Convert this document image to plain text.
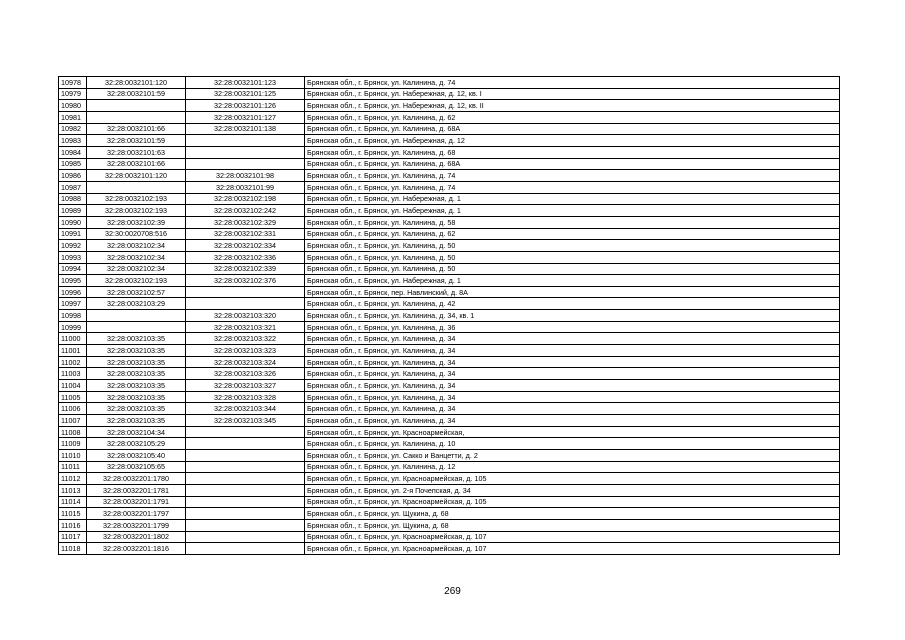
10978	32:28:0032101:120	32:28:0032101:123	Брянская обл., г. Брянск, ул. Калинина, д. 74
10979	32:28:0032101:59	32:28:0032101:125	Брянская обл., г. Брянск, ул. Набережная, д. 12, кв. I
10980		32:28:0032101:126	Брянская обл., г. Брянск, ул. Набережная, д. 12, кв. II
10981		32:28:0032101:127	Брянская обл., г. Брянск, ул. Калинина, д. 62
10982	32:28:0032101:66	32:28:0032101:138	Брянская обл., г. Брянск, ул. Калинина, д. 68А
10983	32:28:0032101:59		Брянская обл., г. Брянск, ул. Набережная, д. 12
10984	32:28:0032101:63		Брянская обл., г. Брянск, ул. Калинина, д. 68
10985	32:28:0032101:66		Брянская обл., г. Брянск, ул. Калинина, д. 68А
10986	32:28:0032101:120	32:28:0032101:98	Брянская обл., г. Брянск, ул. Калинина, д. 74
10987		32:28:0032101:99	Брянская обл., г. Брянск, ул. Калинина, д. 74
10988	32:28:0032102:193	32:28:0032102:198	Брянская обл., г. Брянск, ул. Набережная, д. 1
10989	32:28:0032102:193	32:28:0032102:242	Брянская обл., г. Брянск, ул. Набережная, д. 1
10990	32:28:0032102:39	32:28:0032102:329	Брянская обл., г. Брянск, ул. Калинина, д. 58
10991	32:30:0020708:516	32:28:0032102:331	Брянская обл., г. Брянск, ул. Калинина, д. 62
10992	32:28:0032102:34	32:28:0032102:334	Брянская обл., г. Брянск, ул. Калинина, д. 50
10993	32:28:0032102:34	32:28:0032102:336	Брянская обл., г. Брянск, ул. Калинина, д. 50
10994	32:28:0032102:34	32:28:0032102:339	Брянская обл., г. Брянск, ул. Калинина, д. 50
10995	32:28:0032102:193	32:28:0032102:376	Брянская обл., г. Брянск, ул. Набережная, д. 1
10996	32:28:0032102:57		Брянская обл., г. Брянск, пер. Навлинский, д. 8А
10997	32:28:0032103:29		Брянская обл., г. Брянск, ул. Калинина, д. 42
10998		32:28:0032103:320	Брянская обл., г. Брянск, ул. Калинина, д. 34, кв. 1
10999		32:28:0032103:321	Брянская обл., г. Брянск, ул. Калинина, д. 36
11000	32:28:0032103:35	32:28:0032103:322	Брянская обл., г. Брянск, ул. Калинина, д. 34
11001	32:28:0032103:35	32:28:0032103:323	Брянская обл., г. Брянск, ул. Калинина, д. 34
11002	32:28:0032103:35	32:28:0032103:324	Брянская обл., г. Брянск, ул. Калинина, д. 34
11003	32:28:0032103:35	32:28:0032103:326	Брянская обл., г. Брянск, ул. Калинина, д. 34
11004	32:28:0032103:35	32:28:0032103:327	Брянская обл., г. Брянск, ул. Калинина, д. 34
11005	32:28:0032103:35	32:28:0032103:328	Брянская обл., г. Брянск, ул. Калинина, д. 34
11006	32:28:0032103:35	32:28:0032103:344	Брянская обл., г. Брянск, ул. Калинина, д. 34
11007	32:28:0032103:35	32:28:0032103:345	Брянская обл., г. Брянск, ул. Калинина, д. 34
11008	32:28:0032104:34		Брянская обл., г. Брянск, ул. Красноармейская,
11009	32:28:0032105:29		Брянская обл., г. Брянск, ул. Калинина, д. 10
11010	32:28:0032105:40		Брянская обл., г. Брянск, ул. Сакко и Ванцетти, д. 2
11011	32:28:0032105:65		Брянская обл., г. Брянск, ул. Калинина, д. 12
11012	32:28:0032201:1780		Брянская обл., г. Брянск, ул. Красноармейская, д. 105
11013	32:28:0032201:1781		Брянская обл., г. Брянск, ул. 2-я Почепская, д. 34
11014	32:28:0032201:1791		Брянская обл., г. Брянск, ул. Красноармейская, д. 105
11015	32:28:0032201:1797		Брянская обл., г. Брянск, ул. Щукина, д. 68
11016	32:28:0032201:1799		Брянская обл., г. Брянск, ул. Щукина, д. 68
11017	32:28:0032201:1802		Брянская обл., г. Брянск, ул. Красноармейская, д. 107
11018	32:28:0032201:1816		Брянская обл., г. Брянск, ул. Красноармейская, д. 107
269
